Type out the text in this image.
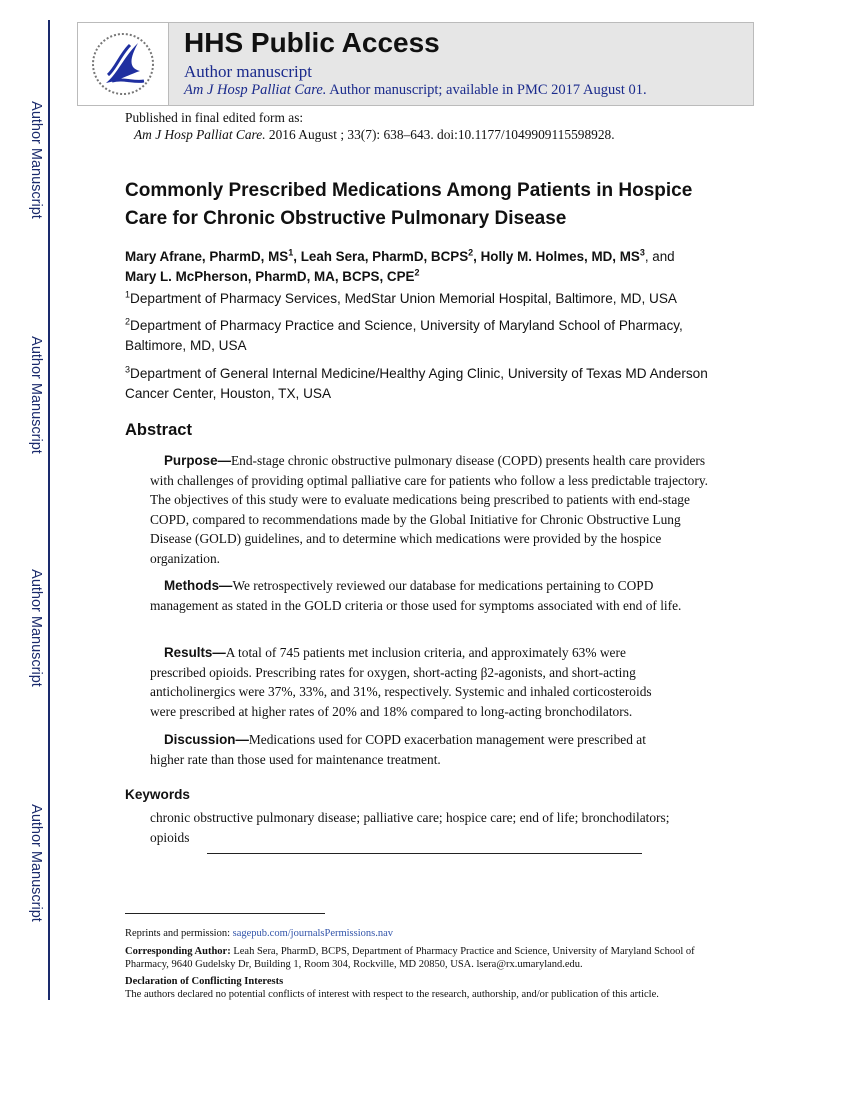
Author Manuscript
Author Manuscript
Author Manuscript
Author Manuscript
HHS Public Access
Author manuscript
Am J Hosp Palliat Care. Author manuscript; available in PMC 2017 August 01.
Published in final edited form as:
Am J Hosp Palliat Care. 2016 August ; 33(7): 638–643. doi:10.1177/1049909115598928.
Commonly Prescribed Medications Among Patients in Hospice
Care for Chronic Obstructive Pulmonary Disease
Mary Afrane, PharmD, $MS^1$, Leah Sera, PharmD, BCPS$^2$, Holly M. Holmes, MD, $MS^3$, and
Mary L. McPherson, PharmD, MA, BCPS, CPE$^2$
$^1$Department of Pharmacy Services, MedStar Union Memorial Hospital, Baltimore, MD, USA
$^2$Department of Pharmacy Practice and Science, University of Maryland School of Pharmacy, Baltimore, MD, USA
$^3$Department of General Internal Medicine/Healthy Aging Clinic, University of Texas MD Anderson Cancer Center, Houston, TX, USA
Abstract
Purpose—End-stage chronic obstructive pulmonary disease (COPD) presents health care providers with challenges of providing optimal palliative care for patients who follow a less predictable trajectory. The objectives of this study were to evaluate medications being prescribed to patients with end-stage COPD, compared to recommendations made by the Global Initiative for Chronic Obstructive Lung Disease (GOLD) guidelines, and to determine which medications were provided by the hospice organization.
Methods—We retrospectively reviewed our database for medications pertaining to COPD management as stated in the GOLD criteria or those used for symptoms associated with end of life.
Results—A total of 745 patients met inclusion criteria, and approximately 63% were prescribed opioids. Prescribing rates for oxygen, short-acting β2-agonists, and short-acting anticholinergics were 37%, 33%, and 31%, respectively. Systemic and inhaled corticosteroids were prescribed at higher rates of 20% and 18% compared to long-acting bronchodilators.
Discussion—Medications used for COPD exacerbation management were prescribed at higher rate than those used for maintenance treatment.
Keywords
chronic obstructive pulmonary disease; palliative care; hospice care; end of life; bronchodilators; opioids
Reprints and permission: sagepub.com/journalsPermissions.nav
Corresponding Author: Leah Sera, PharmD, BCPS, Department of Pharmacy Practice and Science, University of Maryland School of Pharmacy, 9640 Gudelsky Dr, Building 1, Room 304, Rockville, MD 20850, USA. lsera@rx.umaryland.edu.
Declaration of Conflicting Interests
The authors declared no potential conflicts of interest with respect to the research, authorship, and/or publication of this article.
